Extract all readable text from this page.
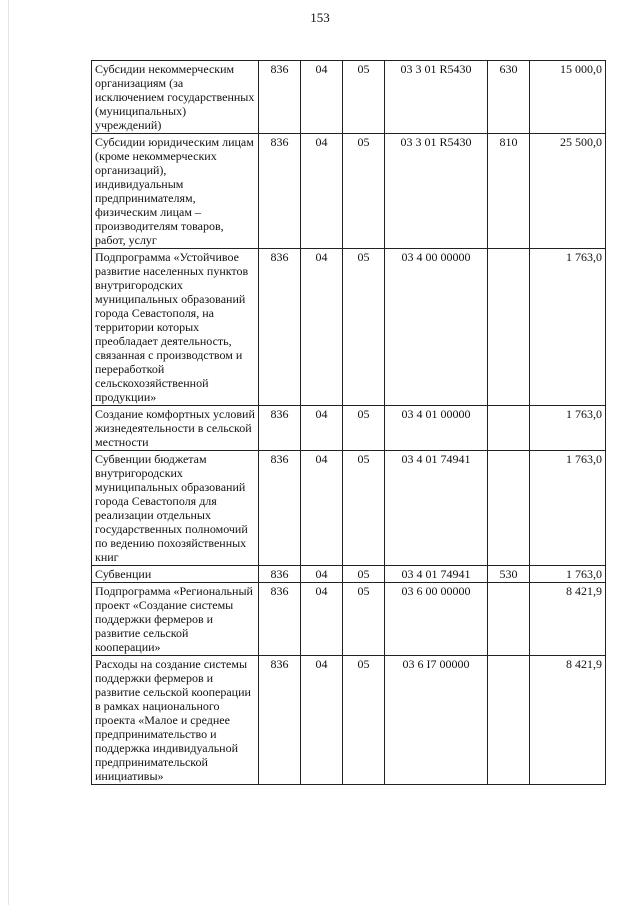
153
Субсидии некоммерческим организациям (за исключением государственных (муниципальных) учреждений)	836	04	05	03 3 01 R5430	630	15 000,0
Субсидии юридическим лицам (кроме некоммерческих организаций), индивидуальным предпринимателям, физическим лицам – производителям товаров, работ, услуг	836	04	05	03 3 01 R5430	810	25 500,0
Подпрограмма «Устойчивое развитие населенных пунктов внутригородских муниципальных образований города Севастополя, на территории которых преобладает деятельность, связанная с производством и переработкой сельскохозяйственной продукции»	836	04	05	03 4 00 00000		1 763,0
Создание комфортных условий жизнедеятельности в сельской местности	836	04	05	03 4 01 00000		1 763,0
Субвенции бюджетам внутригородских муниципальных образований города Севастополя для реализации отдельных государственных полномочий по ведению похозяйственных книг	836	04	05	03 4 01 74941		1 763,0
Субвенции	836	04	05	03 4 01 74941	530	1 763,0
Подпрограмма «Региональный проект «Создание системы поддержки фермеров и развитие сельской кооперации»	836	04	05	03 6 00 00000		8 421,9
Расходы на создание системы поддержки фермеров и развитие сельской кооперации в рамках национального проекта «Малое и среднее предпринимательство и поддержка индивидуальной предпринимательской инициативы»	836	04	05	03 6 I7 00000		8 421,9
